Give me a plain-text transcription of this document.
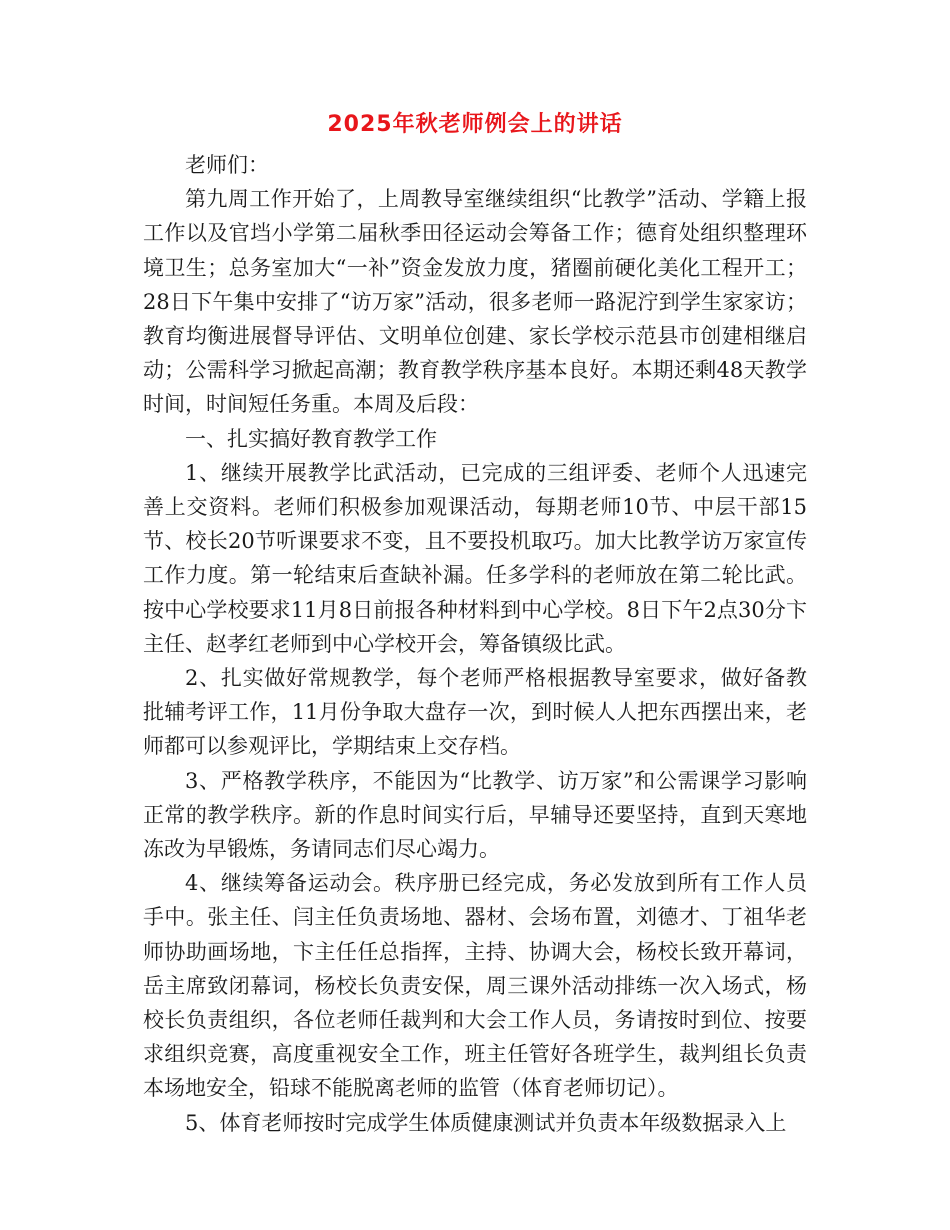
2025年秋老师例会上的讲话

老师们：

第九周工作开始了，上周教导室继续组织“比教学”活动、学籍上报工作以及官垱小学第二届秋季田径运动会筹备工作；德育处组织整理环境卫生；总务室加大“一补”资金发放力度，猪圈前硬化美化工程开工；28日下午集中安排了“访万家”活动，很多老师一路泥泞到学生家家访；教育均衡进展督导评估、文明单位创建、家长学校示范县市创建相继启动；公需科学习掀起高潮；教育教学秩序基本良好。本期还剩48天教学时间，时间短任务重。本周及后段：

一、扎实搞好教育教学工作

1、继续开展教学比武活动，已完成的三组评委、老师个人迅速完善上交资料。老师们积极参加观课活动，每期老师10节、中层干部15节、校长20节听课要求不变，且不要投机取巧。加大比教学访万家宣传工作力度。第一轮结束后查缺补漏。任多学科的老师放在第二轮比武。按中心学校要求11月8日前报各种材料到中心学校。8日下午2点30分卞主任、赵孝红老师到中心学校开会，筹备镇级比武。

2、扎实做好常规教学，每个老师严格根据教导室要求，做好备教批辅考评工作，11月份争取大盘存一次，到时候人人把东西摆出来，老师都可以参观评比，学期结束上交存档。

3、严格教学秩序，不能因为“比教学、访万家”和公需课学习影响正常的教学秩序。新的作息时间实行后，早辅导还要坚持，直到天寒地冻改为早锻炼，务请同志们尽心竭力。

4、继续筹备运动会。秩序册已经完成，务必发放到所有工作人员手中。张主任、闫主任负责场地、器材、会场布置，刘德才、丁祖华老师协助画场地，卞主任任总指挥，主持、协调大会，杨校长致开幕词，岳主席致闭幕词，杨校长负责安保，周三课外活动排练一次入场式，杨校长负责组织，各位老师任裁判和大会工作人员，务请按时到位、按要求组织竞赛，高度重视安全工作，班主任管好各班学生，裁判组长负责本场地安全，铅球不能脱离老师的监管（体育老师切记）。

5、体育老师按时完成学生体质健康测试并负责本年级数据录入上
